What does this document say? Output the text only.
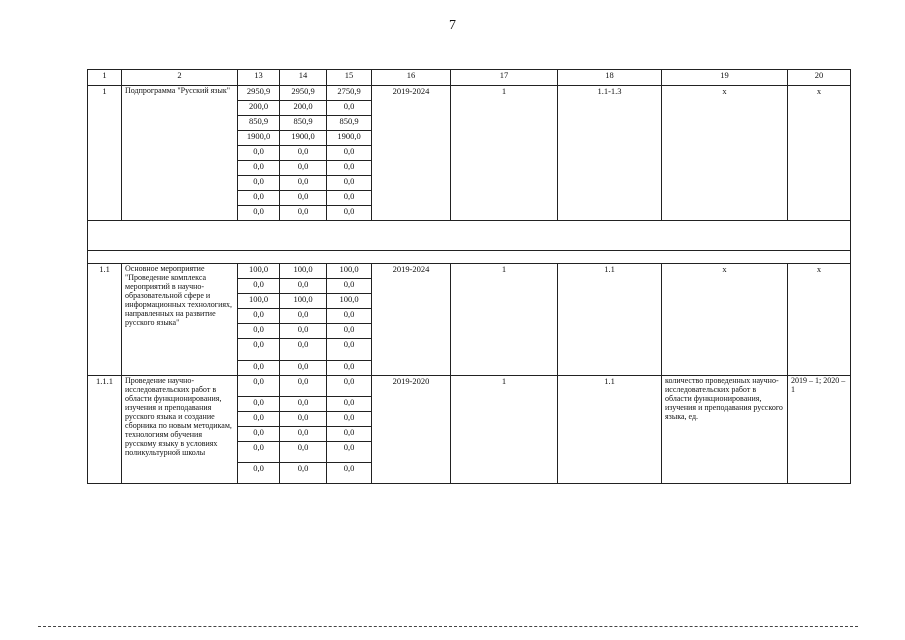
7
1	2	13	14	15	16	17	18	19	20
1	Подпрограмма "Русский язык"	2950,9	2950,9	2750,9	2019-2024	1	1.1-1.3	х	х
		200,0	200,0	0,0					
		850,9	850,9	850,9					
		1900,0	1900,0	1900,0					
		0,0	0,0	0,0					
		0,0	0,0	0,0					
		0,0	0,0	0,0					
		0,0	0,0	0,0					
		0,0	0,0	0,0					

1.1	Основное мероприятие "Проведение комплекса мероприятий в научно-образовательной сфере и информационных технологиях, направленных на развитие русского языка"	100,0	100,0	100,0	2019-2024	1	1.1	х	х
		0,0	0,0	0,0					
		100,0	100,0	100,0					
		0,0	0,0	0,0					
		0,0	0,0	0,0					
		0,0	0,0	0,0					
		0,0	0,0	0,0					
1.1.1	Проведение научно-исследовательских работ в области функционирования, изучения и преподавания русского языка и создание сборника по новым методикам, технологиям обучения русскому языку в условиях поликультурной школы	0,0	0,0	0,0	2019-2020	1	1.1	количество проведенных научно-исследовательских работ в области функционирования, изучения и преподавания русского языка, ед.	2019 – 1; 2020 – 1
		0,0	0,0	0,0					
		0,0	0,0	0,0					
		0,0	0,0	0,0					
		0,0	0,0	0,0					
		0,0	0,0	0,0					
